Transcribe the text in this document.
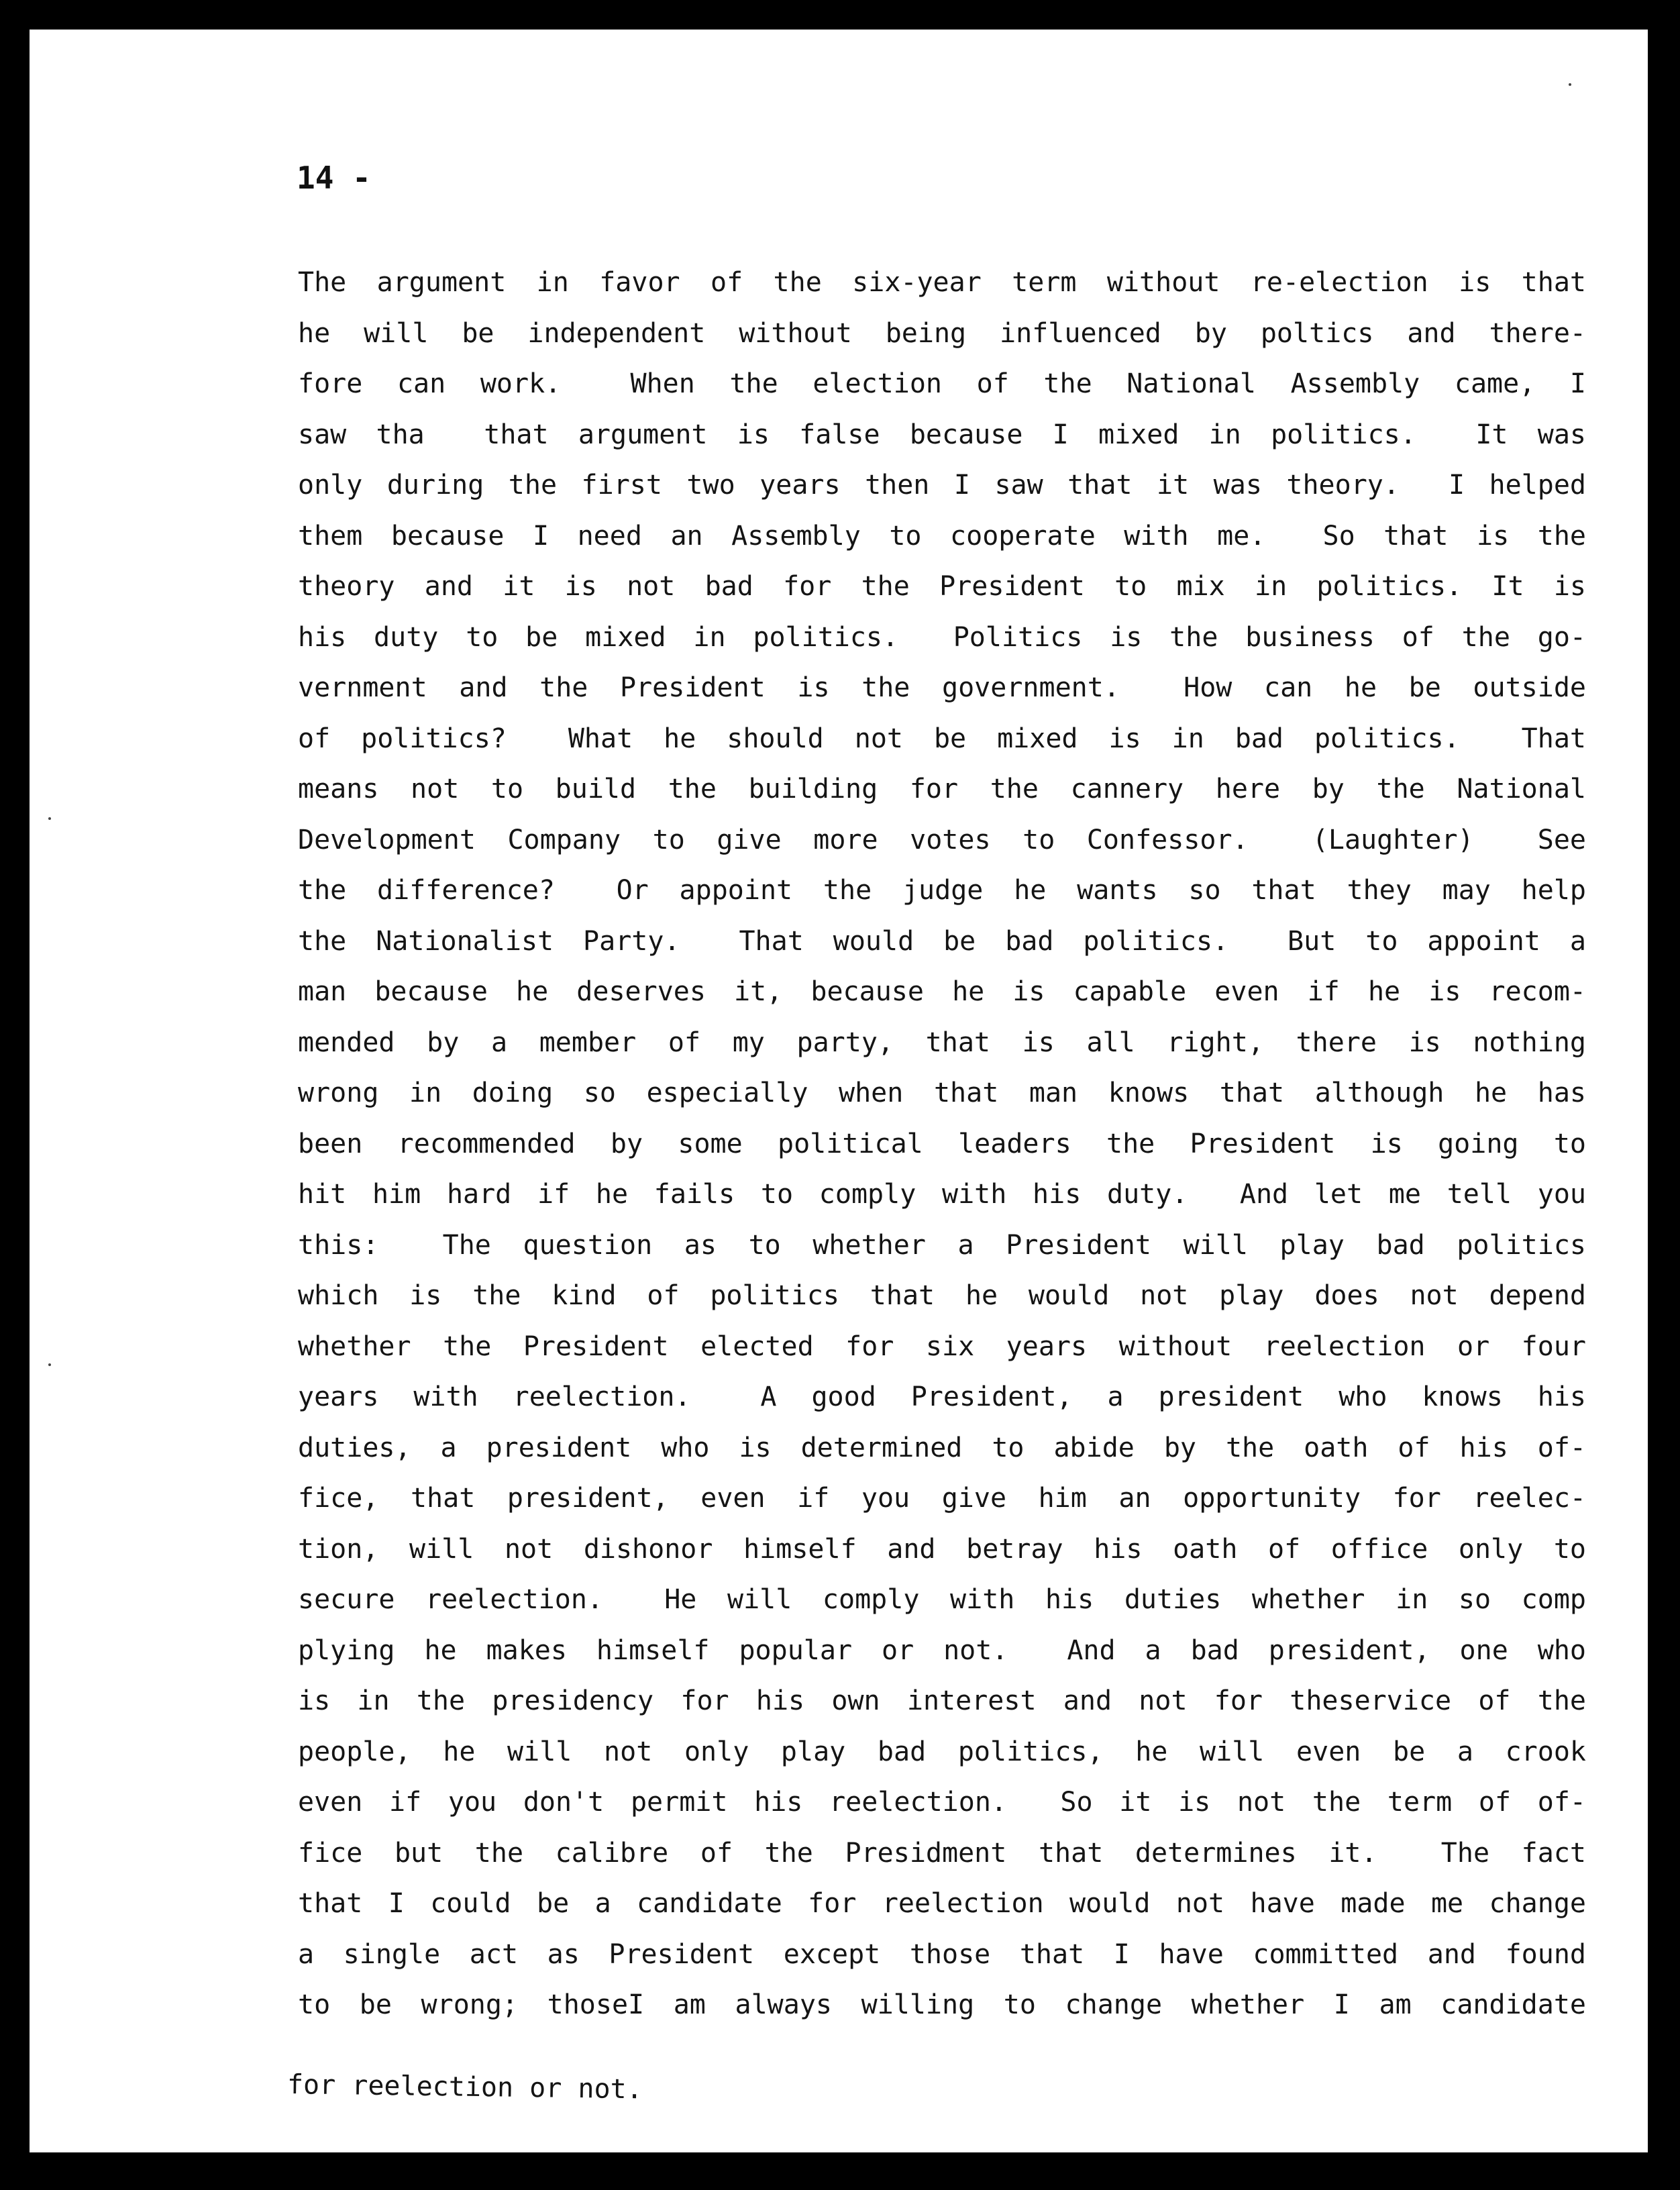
14 -

The argument in favor of the six-year term without re-election is that
he will be independent without being influenced by poltics and there-
fore can work.  When the election of the National Assembly came, I
saw tha  that argument is false because I mixed in politics.  It was
only during the first two years then I saw that it was theory.  I helped
them because I need an Assembly to cooperate with me.  So that is the
theory and it is not bad for the President to mix in politics. It is
his duty to be mixed in politics.  Politics is the business of the go-
vernment and the President is the government.  How can he be outside
of politics?  What he should not be mixed is in bad politics.  That
means not to build the building for the cannery here by the National
Development Company to give more votes to Confessor.  (Laughter)  See
the difference?  Or appoint the judge he wants so that they may help
the Nationalist Party.  That would be bad politics.  But to appoint a
man because he deserves it, because he is capable even if he is recom-
mended by a member of my party, that is all right, there is nothing
wrong in doing so especially when that man knows that although he has
been recommended by some political leaders the President is going to
hit him hard if he fails to comply with his duty.  And let me tell you
this:  The question as to whether a President will play bad politics
which is the kind of politics that he would not play does not depend
whether the President elected for six years without reelection or four
years with reelection.  A good President, a president who knows his
duties, a president who is determined to abide by the oath of his of-
fice, that president, even if you give him an opportunity for reelec-
tion, will not dishonor himself and betray his oath of office only to
secure reelection.  He will comply with his duties whether in so comp
plying he makes himself popular or not.  And a bad president, one who
is in the presidency for his own interest and not for theservice of the
people, he will not only play bad politics, he will even be a crook
even if you don't permit his reelection.  So it is not the term of of-
fice but the calibre of the Presidment that determines it.  The fact
that I could be a candidate for reelection would not have made me change
a single act as President except those that I have committed and found
to be wrong; thoseI am always willing to change whether I am candidate

for reelection or not.
